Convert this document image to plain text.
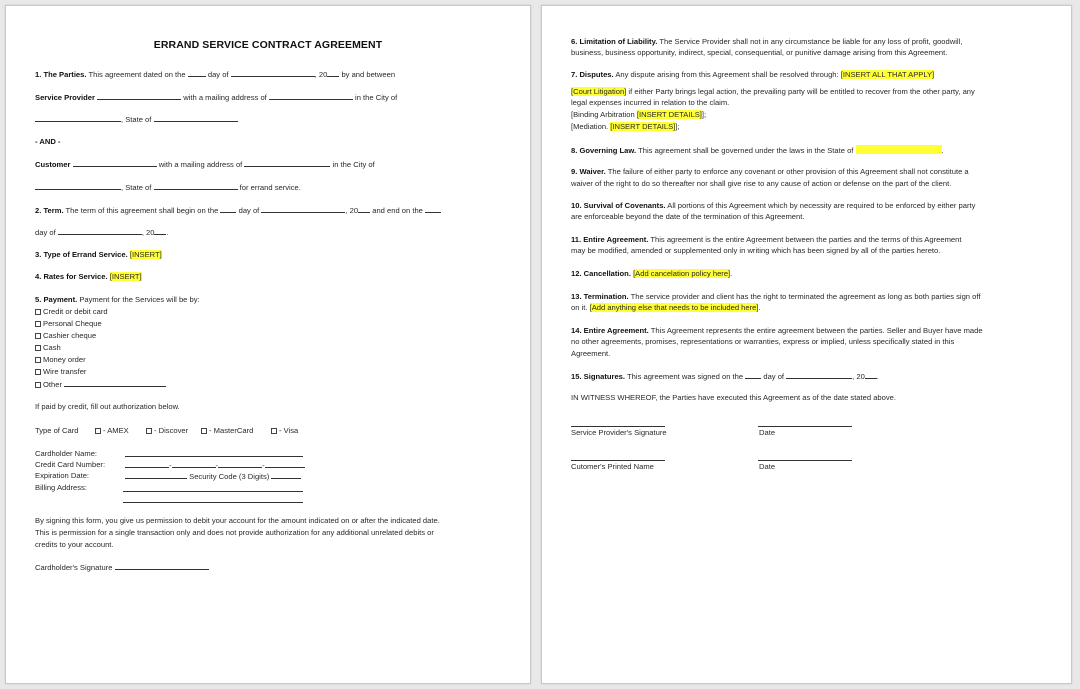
ERRAND SERVICE CONTRACT AGREEMENT
1. The Parties. This agreement dated on the	day of	, 20 by and between
Service Provider	with a mailing address of	in the City of
, State of
- AND -
Customer	with a mailing address of	in the City of
, State of	for errand service.
2. Term. The term of this agreement shall begin on the	day of	, 20 and end on the
day of	, 20 .
3. Type of Errand Service. [INSERT]
4. Rates for Service. [INSERT]
5. Payment. Payment for the Services will be by:
Credit or debit card
Personal Cheque
Cashier cheque
Cash
Money order
Wire transfer
Other
If paid by credit, fill out authorization below.
Type of Card	- AMEX	- Discover	- MasterCard	- Visa
Cardholder Name:
Credit Card Number:	-	-	-
Expiration Date:	Security Code (3 Digits)
Billing Address:
By signing this form, you give us permission to debit your account for the amount indicated on or after the indicated date.
This is permission for a single transaction only and does not provide authorization for any additional unrelated debits or
credits to your account.
Cardholder's Signature
6. Limitation of Liability. The Service Provider shall not in any circumstance be liable for any loss of profit, goodwill,
business, business opportunity, indirect, special, consequential, or punitive damage arising from this Agreement.
7. Disputes. Any dispute arising from this Agreement shall be resolved through: [INSERT ALL THAT APPLY]
[Court Litigation] if either Party brings legal action, the prevailing party will be entitled to recover from the other party, any
legal expenses incurred in relation to the claim.
[Binding Arbitration [INSERT DETAILS]];
[Mediation. [INSERT DETAILS]];
8. Governing Law. This agreement shall be governed under the laws in the State of	.
9. Waiver. The failure of either party to enforce any covenant or other provision of this Agreement shall not constitute a
waiver of the right to do so thereafter nor shall give rise to any cause of action or defense on the part of the client.
10. Survival of Covenants. All portions of this Agreement which by necessity are required to be enforced by either party
are enforceable beyond the date of the termination of this Agreement.
11. Entire Agreement. This agreement is the entire Agreement between the parties and the terms of this Agreement
may be modified, amended or supplemented only in writing which has been signed by all of the parties hereto.
12. Cancellation. [Add cancelation policy here].
13. Termination. The service provider and client has the right to terminated the agreement as long as both parties sign off
on it. [Add anything else that needs to be included here].
14. Entire Agreement. This Agreement represents the entire agreement between the parties. Seller and Buyer have made
no other agreements, promises, representations or warranties, express or implied, unless specifically stated in this
Agreement.
15. Signatures. This agreement was signed on the	day of	, 20 .
IN WITNESS WHEREOF, the Parties have executed this Agreement as of the date stated above.
Service Provider's Signature	Date
Cutomer's Printed Name	Date
